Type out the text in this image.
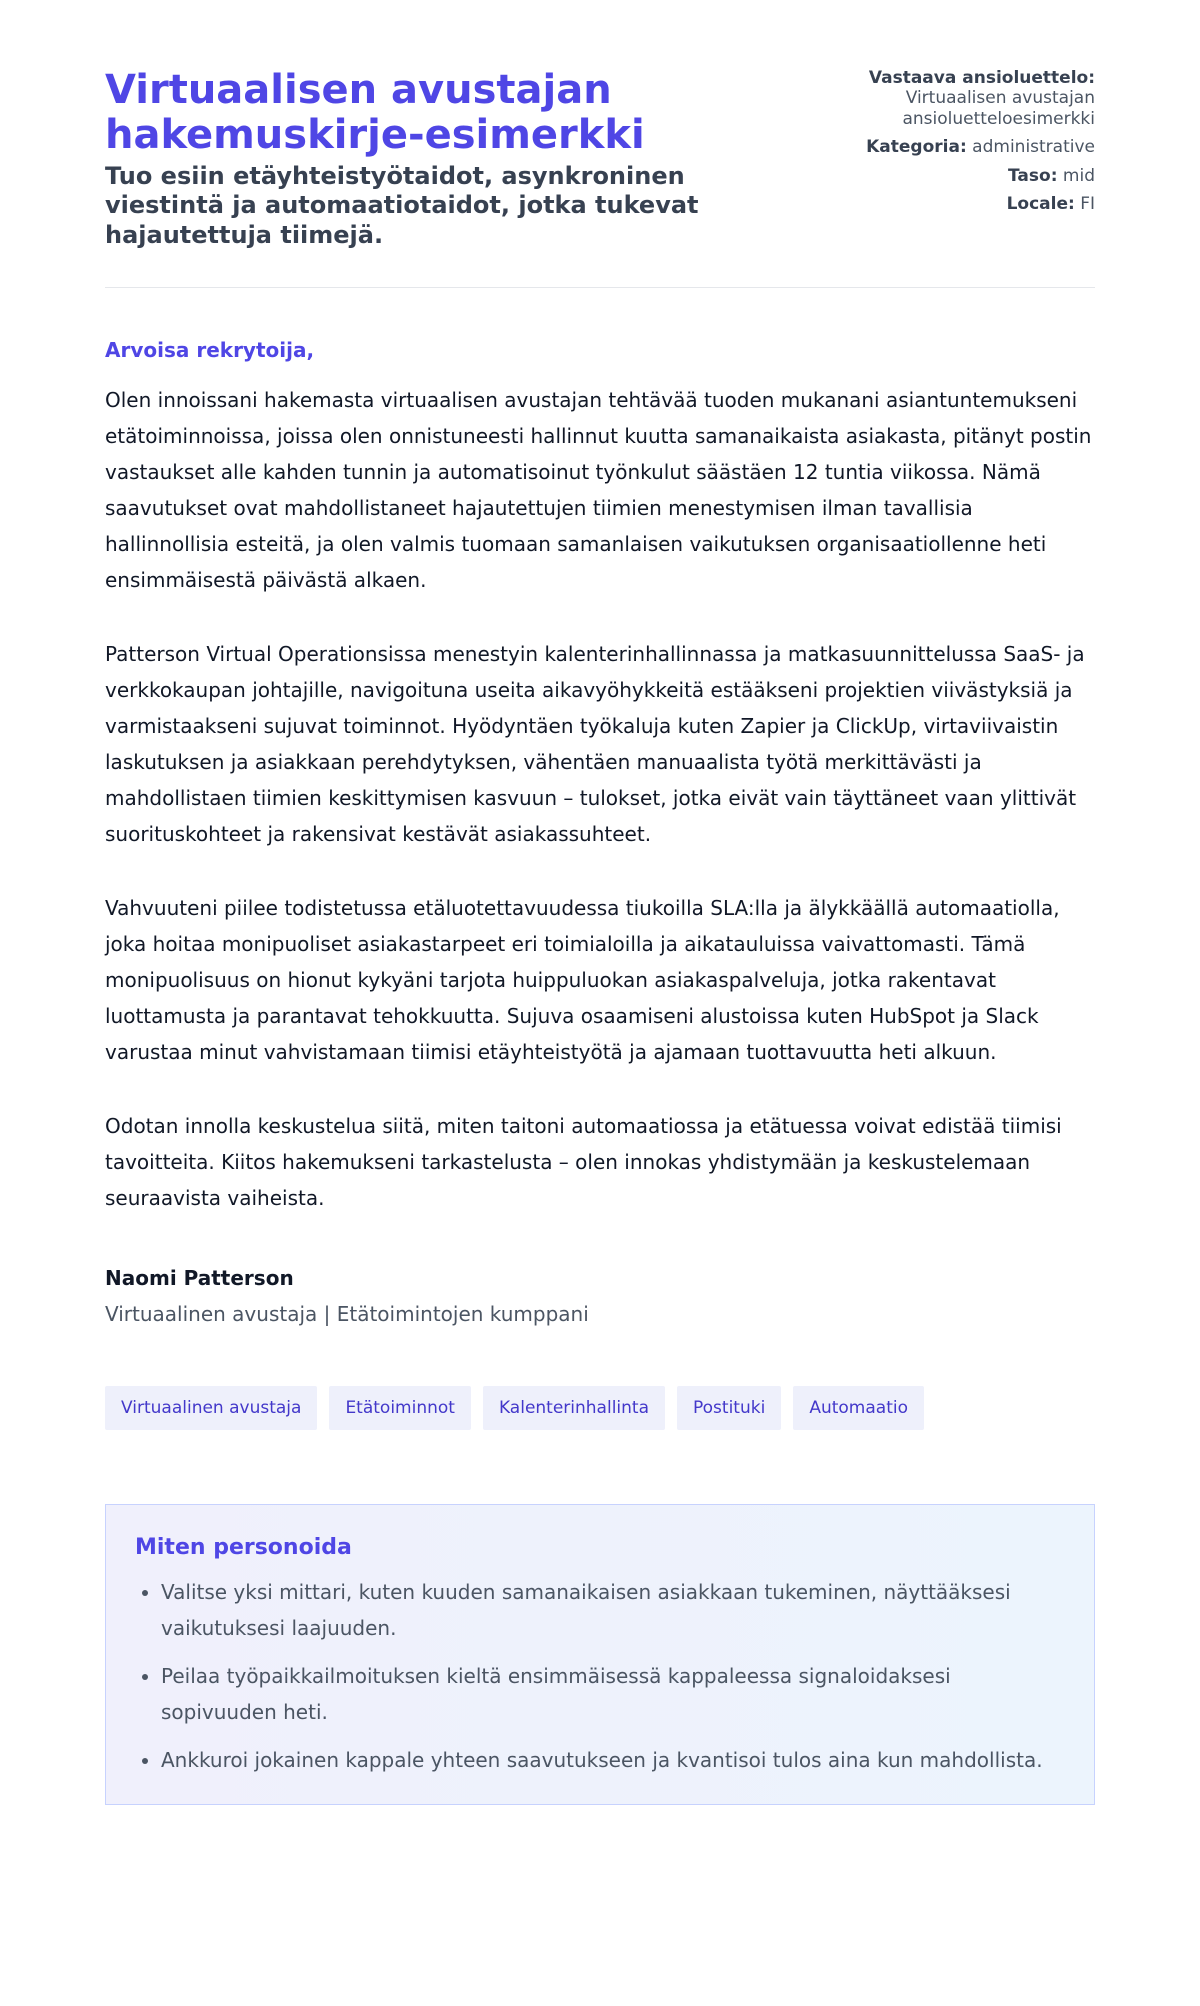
Virtuaalisen avustajan hakemuskirje-esimerkki

Tuo esiin etäyhteistyötaidot, asynkroninen viestintä ja automaatiotaidot, jotka tukevat hajautettuja tiimejä.

Vastaava ansioluettelo:
Virtuaalisen avustajan ansioluetteloesimerkki
Kategoria: administrative
Taso: mid
Locale: FI

Arvoisa rekrytoija,

Olen innoissani hakemasta virtuaalisen avustajan tehtävää tuoden mukanani asiantuntemukseni etätoiminnoissa, joissa olen onnistuneesti hallinnut kuutta samanaikaista asiakasta, pitänyt postin vastaukset alle kahden tunnin ja automatisoinut työnkulut säästäen 12 tuntia viikossa. Nämä saavutukset ovat mahdollistaneet hajautettujen tiimien menestymisen ilman tavallisia hallinnollisia esteitä, ja olen valmis tuomaan samanlaisen vaikutuksen organisaatiollenne heti ensimmäisestä päivästä alkaen.

Patterson Virtual Operationsissa menestyin kalenterinhallinnassa ja matkasuunnittelussa SaaS- ja verkkokaupan johtajille, navigoituna useita aikavyöhykkeitä estääkseni projektien viivästyksiä ja varmistaakseni sujuvat toiminnot. Hyödyntäen työkaluja kuten Zapier ja ClickUp, virtaviivaistin laskutuksen ja asiakkaan perehdytyksen, vähentäen manuaalista työtä merkittävästi ja mahdollistaen tiimien keskittymisen kasvuun – tulokset, jotka eivät vain täyttäneet vaan ylittivät suorituskohteet ja rakensivat kestävät asiakassuhteet.

Vahvuuteni piilee todistetussa etäluotettavuudessa tiukoilla SLA:lla ja älykkäällä automaatiolla, joka hoitaa monipuoliset asiakastarpeet eri toimialoilla ja aikatauluissa vaivattomasti. Tämä monipuolisuus on hionut kykyäni tarjota huippuluokan asiakaspalveluja, jotka rakentavat luottamusta ja parantavat tehokkuutta. Sujuva osaamiseni alustoissa kuten HubSpot ja Slack varustaa minut vahvistamaan tiimisi etäyhteistyötä ja ajamaan tuottavuutta heti alkuun.

Odotan innolla keskustelua siitä, miten taitoni automaatiossa ja etätuessa voivat edistää tiimisi tavoitteita. Kiitos hakemukseni tarkastelusta – olen innokas yhdistymään ja keskustelemaan seuraavista vaiheista.

Naomi Patterson

Virtuaalinen avustaja | Etätoimintojen kumppani

Virtuaalinen avustaja	Etätoiminnot	Kalenterinhallinta	Postituki	Automaatio
Miten personoida
• Valitse yksi mittari, kuten kuuden samanaikaisen asiakkaan tukeminen, näyttääksesi vaikutuksesi laajuuden.
• Peilaa työpaikkailmoituksen kieltä ensimmäisessä kappaleessa signaloidaksesi sopivuuden heti.
• Ankkuroi jokainen kappale yhteen saavutukseen ja kvantisoi tulos aina kun mahdollista.
